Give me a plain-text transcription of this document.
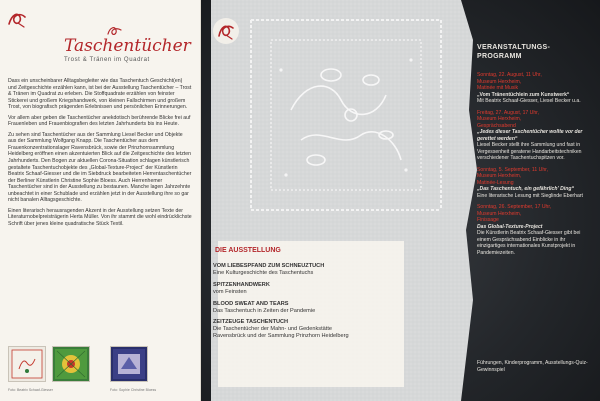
Taschentücher
Trost & Tränen im Quadrat

Dass ein unscheinbarer Alltagsbegleiter wie das Taschentuch Geschicht(en) und Zeitgeschichte erzählen kann, ist bei der Ausstellung Taschentücher – Trost & Tränen im Quadrat zu erleben. Die Stoffquadrate erzählen von feinster Stickerei und großem Kriegshandwerk, von kleinen Fallschirmen und großem Trost, von biografisch prägenden Erlebnissen und persönlichen Erinnerungen.

Vor allem aber geben die Taschentücher anekdotisch berührende Blicke frei auf Frauenleben und Frauenbiografien des letzten Jahrhunderts bis ins Heute.

Zu sehen sind Taschentücher aus der Sammlung Liesel Becker und Objekte aus der Sammlung Wolfgang Knapp. Die Taschentücher aus dem Frauenkonzentrationslager Ravensbrück, sowie der Prinzhornsammlung Heidelberg eröffnen einen akzentuierten Blick auf die Zeitgeschichte des letzten Jahrhunderts. Den Bogen zur aktuellen Corona-Situation schlagen künstlerisch gestaltete Taschentuchobjekte des „Global-Texture-Project“ der Künstlerin Beatrix Schaaf-Giesser und die im Siebdruck bearbeiteten Herrentaschentücher der Berliner Künstlerin Christine Sophie Bloess. Auch Herrenhemer Taschentücher sind in der Ausstellung zu bestaunen. Manche lagen Jahrzehnte unbeachtet in einer Schublade und erzählen jetzt in der Ausstellung ihre so gar nicht banalen Alltagsgeschichte.

Einen literarisch herausragenden Akzent in der Ausstellung setzen Texte der Literaturnobelpreisträgerin Herta Müller. Von ihr stammt die wohl eindrücklichste Schrift über jenes kleine quadratische Stück Textil.

Foto: Beatrix Schaaf-Giesser	Foto: Sophie Christine Bloess
DIE AUSSTELLUNG
VOM LIEBESPFAND ZUM SCHNEUZTUCH
Eine Kulturgeschichte des Taschentuchs
SPITZENHANDWERK
vom Feinsten
BLOOD SWEAT AND TEARS
Das Taschentuch in Zeiten der Pandemie
ZEITZEUGE TASCHENTUCH
Die Taschentücher der Mahn- und Gedenkstätte
Ravensbrück und der Sammlung Prinzhorn Heidelberg
VERANSTALTUNGS-
PROGRAMM
Sonntag, 22. August, 11 Uhr,
Museum Herxheim,
Matinée mit Musik
„Vom Tränentüchlein zum Kunstwerk“
Mit Beatrix Schaaf-Giesser, Liesel Becker u.a.
Freitag, 27. August, 17 Uhr,
Museum Herxheim,
Gesprächsabend
„Jedes dieser Taschentücher wollte vor der gerettet werden“
Liesel Becker stellt ihre Sammlung und fast in Vergessenheit geratene Handarbeitstechniken verschiedener Taschentuchspitzen vor.
Sonntag, 5. September, 11 Uhr,
Museum Herxheim,
Matinée-Lesung
„Das Taschentuch, ein gefährlich’ Ding“
Eine literarische Lesung mit Sieglinde Eberhart
Sonntag, 26. September, 17 Uhr,
Museum Herxheim,
Finissage
Das Global-Texture-Project
Die Künstlerin Beatrix Schaaf-Giesser gibt bei einem Gesprächsabend Einblicke in ihr einzigartiges internationales Kunstprojekt in Pandemiezeiten.
Führungen, Kinderprogramm, Ausstellungs-Quiz-Gewinnspiel
